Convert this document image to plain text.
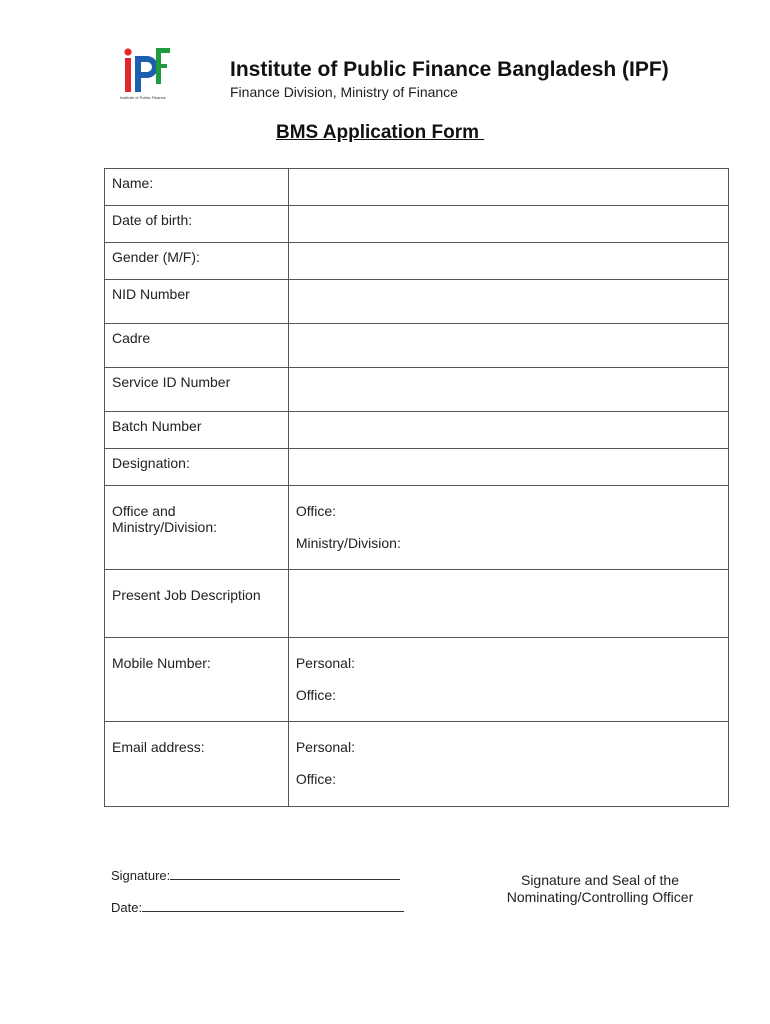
Institute of Public Finance
Institute of Public Finance Bangladesh (IPF)
Finance Division, Ministry of Finance
BMS Application Form
Name:	
Date of birth:	
Gender (M/F):	
NID Number	
Cadre	
Service ID Number	
Batch Number	
Designation:	
Office and Ministry/Division:	Office:
Ministry/Division:

Present Job Description	
Mobile Number:	Personal:
Office:

Email address:	Personal:
Office:
Signature:
Date:
Signature and Seal of the
Nominating/Controlling Officer
